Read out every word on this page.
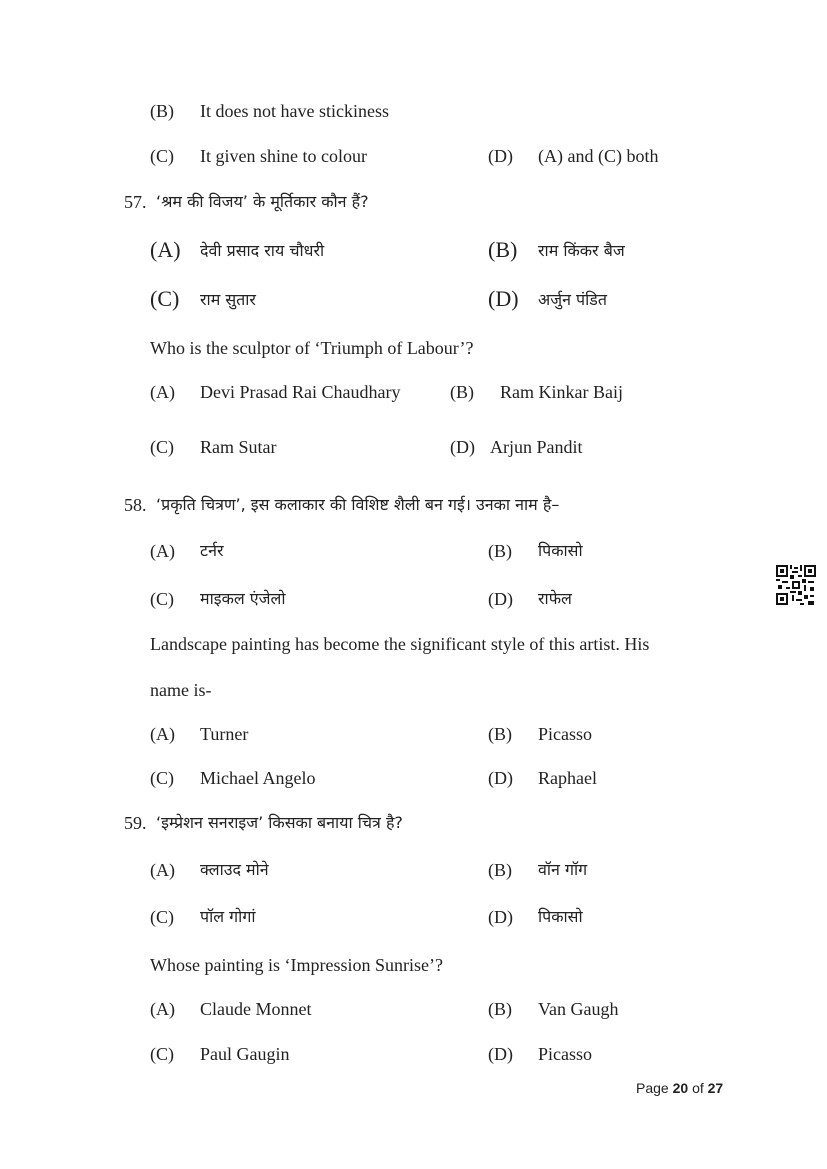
(B) It does not have stickiness
(C) It given shine to colour	(D) (A) and (C) both
57. ‘श्रम की विजय’ के मूर्तिकार कौन हैं?
(A) देवी प्रसाद राय चौधरी	(B) राम किंकर बैज
(C) राम सुतार	(D) अर्जुन पंडित
Who is the sculptor of ‘Triumph of Labour’?
(A) Devi Prasad Rai Chaudhary	(B) Ram Kinkar Baij
(C) Ram Sutar	(D) Arjun Pandit
58. ‘प्रकृति चित्रण’, इस कलाकार की विशिष्ट शैली बन गई। उनका नाम है–
(A) टर्नर	(B) पिकासो
(C) माइकल एंजेलो	(D) राफेल
Landscape painting has become the significant style of this artist. His
name is-
(A) Turner	(B) Picasso
(C) Michael Angelo	(D) Raphael
59. ‘इम्प्रेशन सनराइज’ किसका बनाया चित्र है?
(A) क्लाउद मोने	(B) वॉन गॉग
(C) पॉल गोगां	(D) पिकासो
Whose painting is ‘Impression Sunrise’?
(A) Claude Monnet	(B) Van Gaugh
(C) Paul Gaugin	(D) Picasso
Page 20 of 27
